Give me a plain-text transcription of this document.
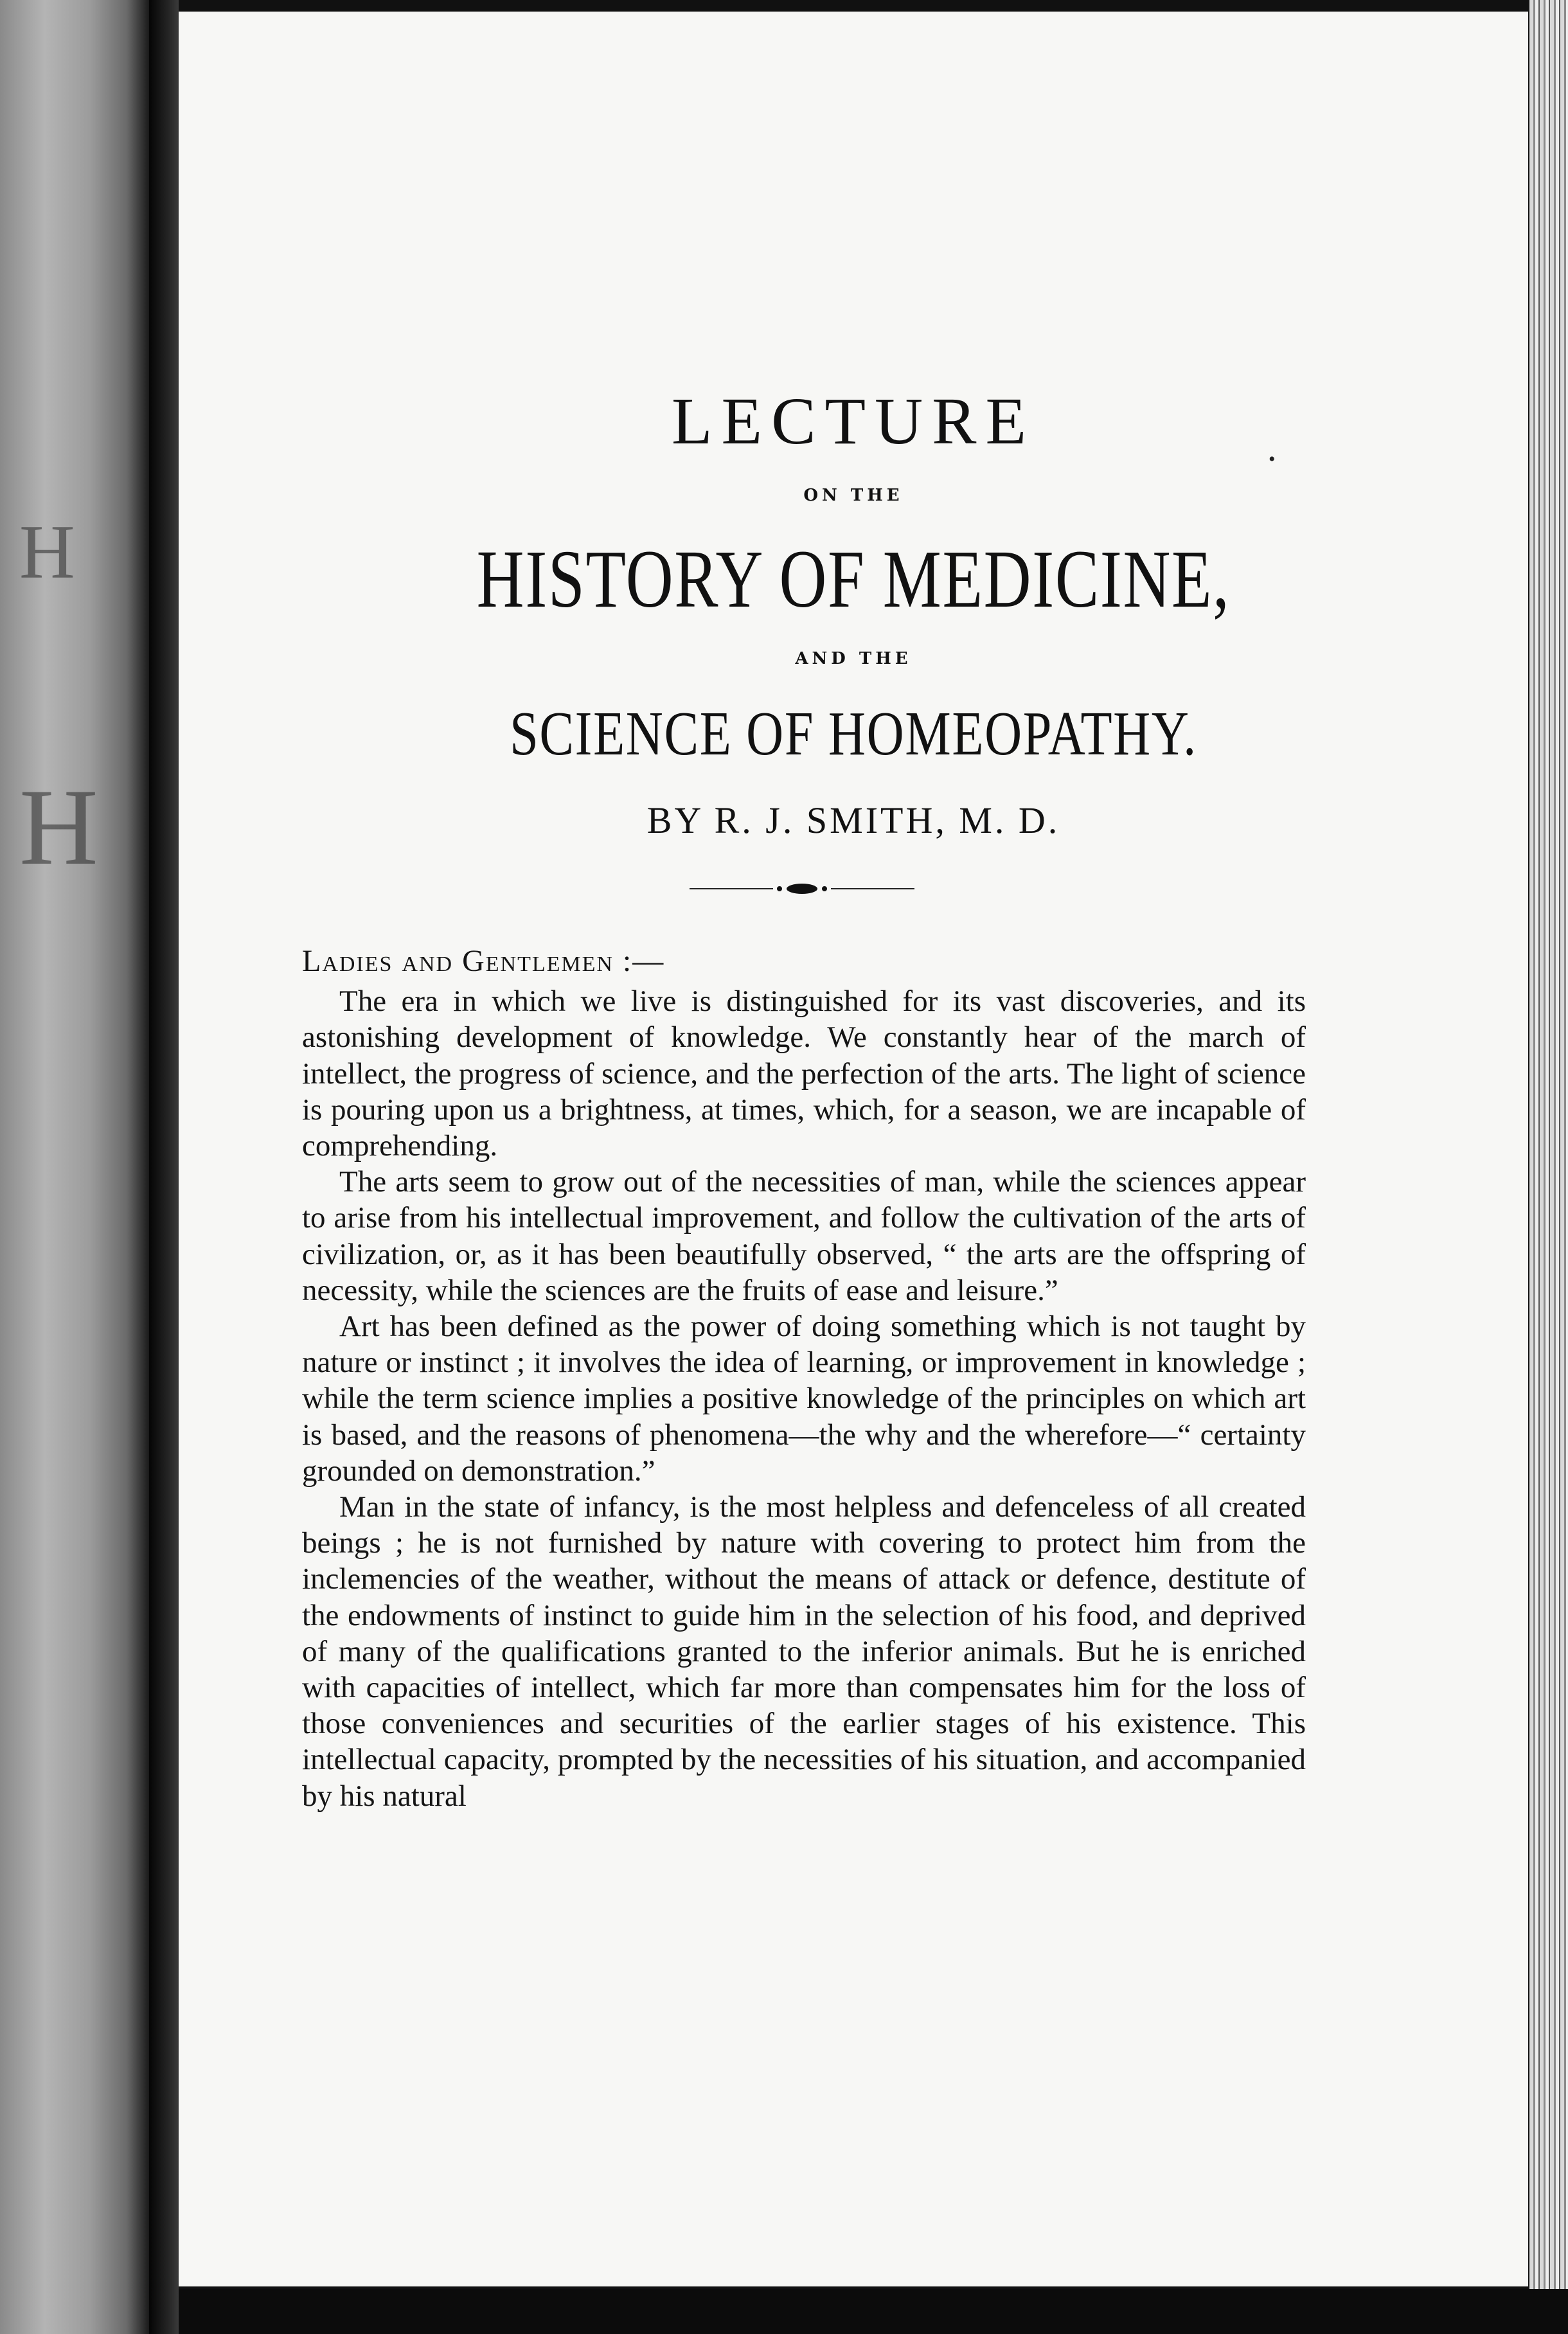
H
H
LECTURE
•
ON THE
HISTORY OF MEDICINE,
AND THE
SCIENCE OF HOMEOPATHY.
BY R. J. SMITH, M. D.

Ladies and Gentlemen :—

The era in which we live is distinguished for its vast discoveries, and its astonishing development of knowledge. We constantly hear of the march of intellect, the progress of science, and the perfection of the arts. The light of science is pouring upon us a brightness, at times, which, for a season, we are incapable of comprehending.

The arts seem to grow out of the necessities of man, while the sciences appear to arise from his intellectual improvement, and follow the cultivation of the arts of civilization, or, as it has been beautifully observed, “ the arts are the offspring of necessity, while the sciences are the fruits of ease and leisure.”

Art has been defined as the power of doing something which is not taught by nature or instinct ; it involves the idea of learning, or improvement in knowledge ; while the term science implies a positive knowledge of the principles on which art is based, and the reasons of phenomena—the why and the wherefore—“ certainty grounded on demonstration.”

Man in the state of infancy, is the most helpless and defenceless of all created beings ; he is not furnished by nature with covering to protect him from the inclemencies of the weather, without the means of attack or defence, destitute of the endowments of instinct to guide him in the selection of his food, and deprived of many of the qualifications granted to the inferior animals. But he is enriched with capacities of intellect, which far more than compensates him for the loss of those conveniences and securities of the earlier stages of his existence. This intellectual capacity, prompted by the necessities of his situation, and accompanied by his natural
